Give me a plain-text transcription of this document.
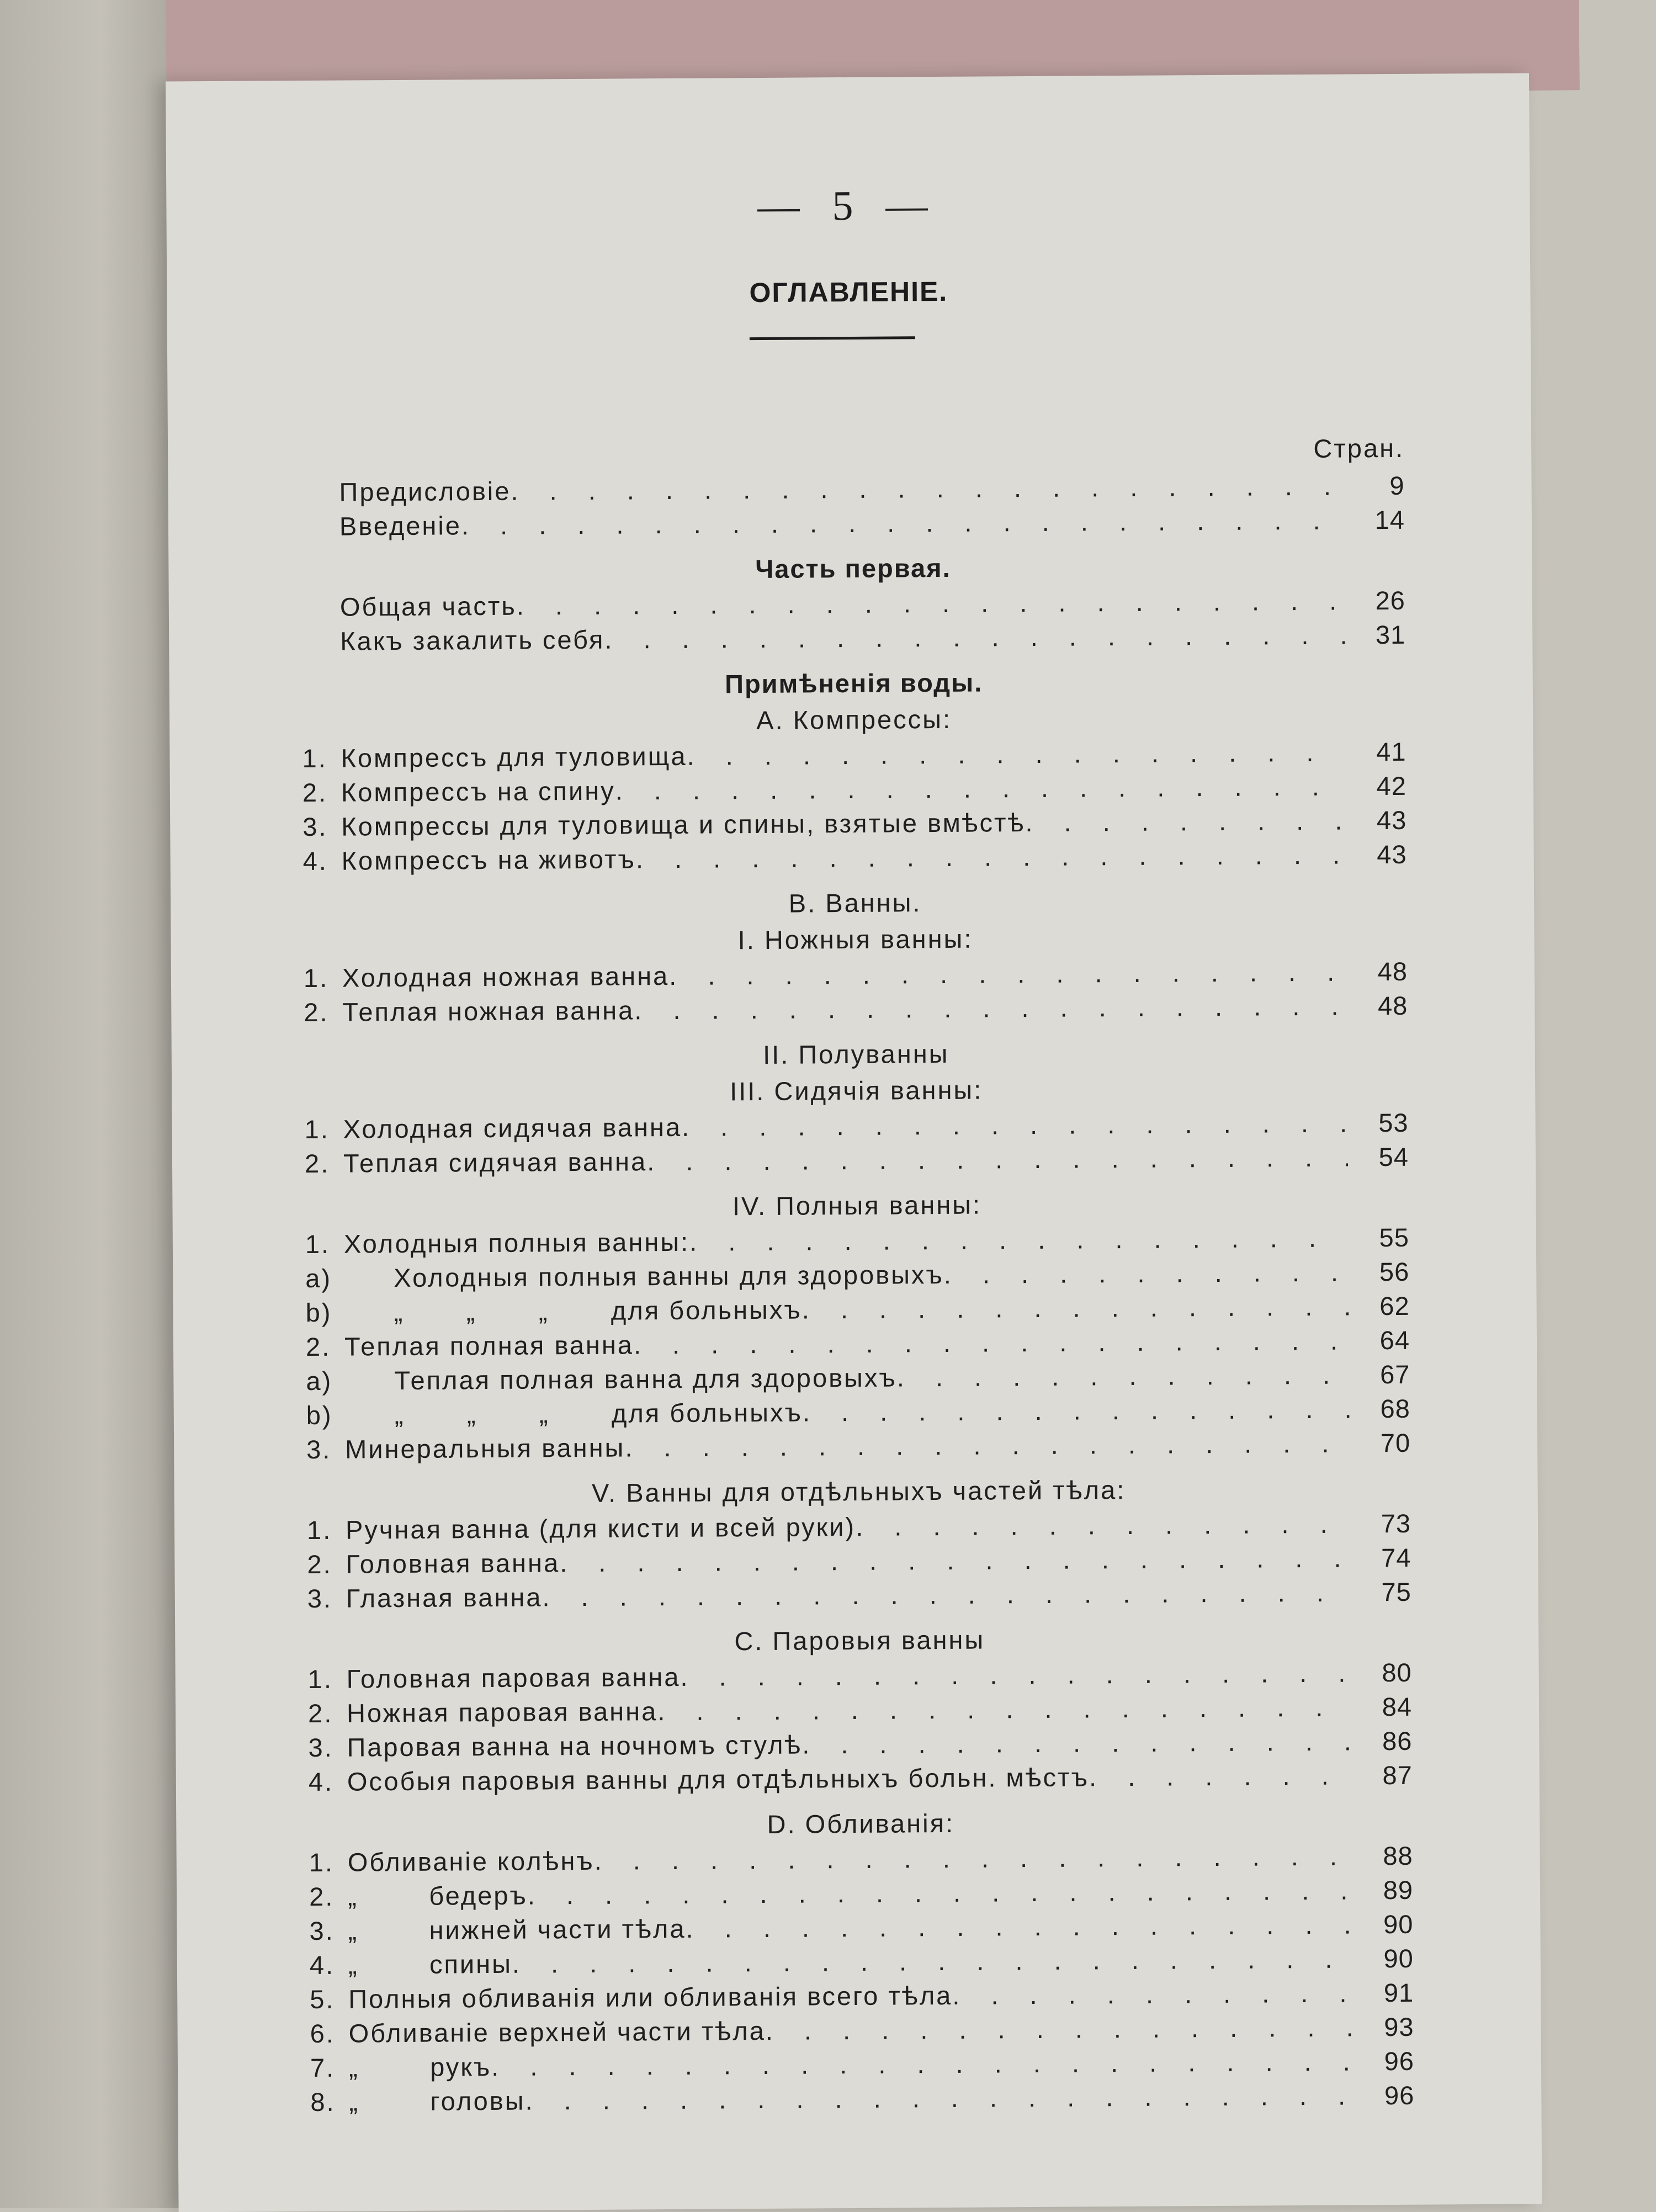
— 5 —
ОГЛАВЛЕНIЕ.
Стран.
Предисловiе . . .	9
Введенiе . . .	14
Часть первая.
Общая часть . . .	26
Какъ закалить себя . . .	31
Примѣненiя воды.
А. Компрессы:
1. Компрессъ для туловища . . .	41
2. Компрессъ на спину . . .	42
3. Компрессы для туловища и спины, взятые вмѣстѣ . . .	43
4. Компрессъ на животъ . . .	43
В. Ванны.
I. Ножныя ванны:
1. Холодная ножная ванна . . .	48
2. Теплая ножная ванна . . .	48
II. Полуванны
III. Сидячiя ванны:
1. Холодная сидячая ванна . . .	53
2. Теплая сидячая ванна . . .	54
IV. Полныя ванны:
1. Холодныя полныя ванны: . . .	55
a)	Холодныя полныя ванны для здоровыхъ . . .	56
b)	„       „       „       для больныхъ . . .	62
2. Теплая полная ванна . . .	64
a)	Теплая полная ванна для здоровыхъ . . .	67
b)	„       „       „       для больныхъ . . .	68
3. Минеральныя ванны . . .	70
V. Ванны для отдѣльныхъ частей тѣла:
1. Ручная ванна (для кисти и всей руки) . . .	73
2. Головная ванна . . .	74
3. Глазная ванна . . .	75
С. Паровыя ванны
1. Головная паровая ванна . . .	80
2. Ножная паровая ванна . . .	84
3. Паровая ванна на ночномъ стулѣ . . .	86
4. Особыя паровыя ванны для отдѣльныхъ больн. мѣстъ . . .	87
D. Обливанiя:
1. Обливанiе колѣнъ . . .	88
2. „        бедеръ . . .	89
3. „        нижней части тѣла . . .	90
4. „        спины . . .	90
5. Полныя обливанiя или обливанiя всего тѣла . . .	91
6. Обливанiе верхней части тѣла . . .	93
7. „        рукъ . . .	96
8. „        головы . . .	96
